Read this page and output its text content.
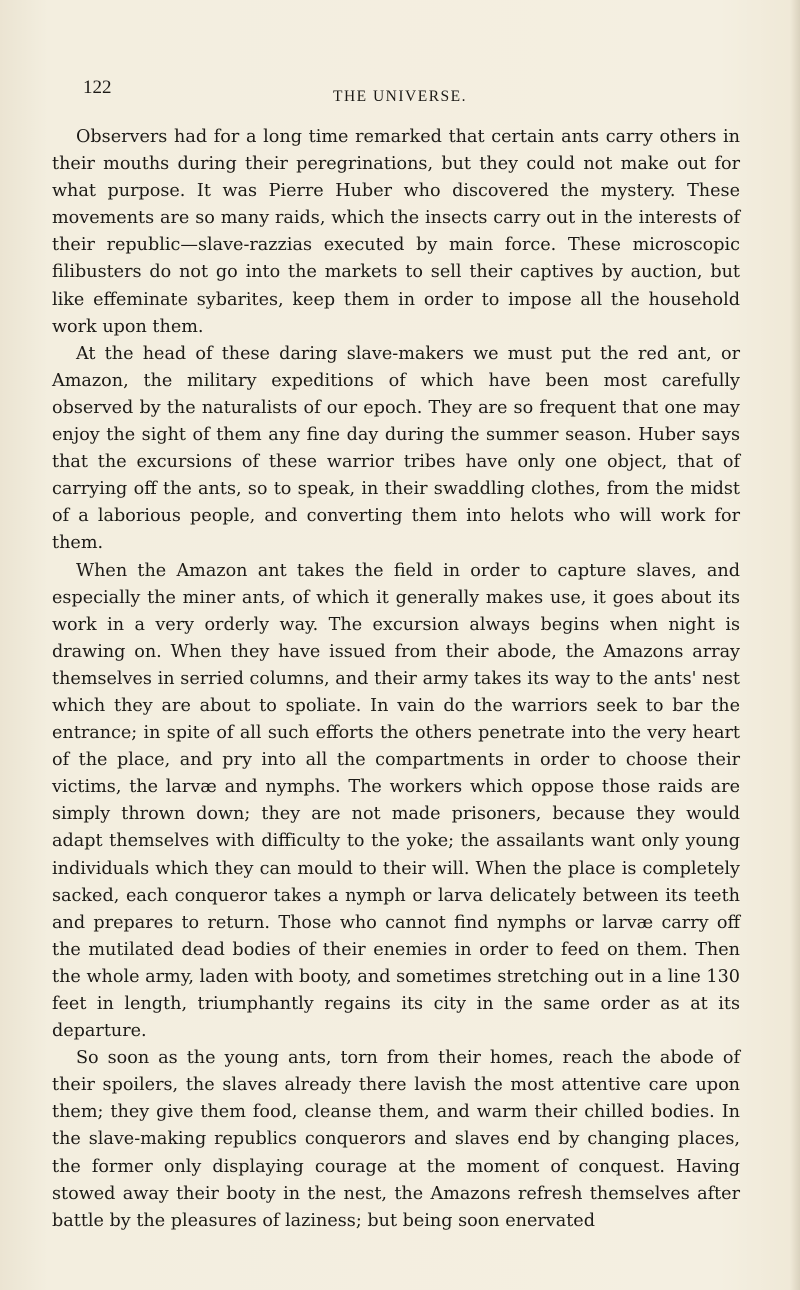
122	THE UNIVERSE.

Observers had for a long time remarked that certain ants carry others in their mouths during their peregrinations, but they could not make out for what purpose. It was Pierre Huber who discovered the mystery. These movements are so many raids, which the insects carry out in the interests of their republic—slave-razzias executed by main force. These microscopic filibusters do not go into the markets to sell their captives by auction, but like effeminate sybarites, keep them in order to impose all the household work upon them.

At the head of these daring slave-makers we must put the red ant, or Amazon, the military expeditions of which have been most carefully observed by the naturalists of our epoch. They are so frequent that one may enjoy the sight of them any fine day during the summer season. Huber says that the excursions of these warrior tribes have only one object, that of carrying off the ants, so to speak, in their swaddling clothes, from the midst of a laborious people, and converting them into helots who will work for them.

When the Amazon ant takes the field in order to capture slaves, and especially the miner ants, of which it generally makes use, it goes about its work in a very orderly way. The excursion always begins when night is drawing on. When they have issued from their abode, the Amazons array themselves in serried columns, and their army takes its way to the ants' nest which they are about to spoliate. In vain do the warriors seek to bar the entrance; in spite of all such efforts the others penetrate into the very heart of the place, and pry into all the compartments in order to choose their victims, the larvæ and nymphs. The workers which oppose those raids are simply thrown down; they are not made prisoners, because they would adapt themselves with difficulty to the yoke; the assailants want only young individuals which they can mould to their will. When the place is completely sacked, each conqueror takes a nymph or larva delicately between its teeth and prepares to return. Those who cannot find nymphs or larvæ carry off the mutilated dead bodies of their enemies in order to feed on them. Then the whole army, laden with booty, and sometimes stretching out in a line 130 feet in length, triumphantly regains its city in the same order as at its departure.

So soon as the young ants, torn from their homes, reach the abode of their spoilers, the slaves already there lavish the most attentive care upon them; they give them food, cleanse them, and warm their chilled bodies. In the slave-making republics conquerors and slaves end by changing places, the former only displaying courage at the moment of conquest. Having stowed away their booty in the nest, the Amazons refresh themselves after battle by the pleasures of laziness; but being soon enervated
